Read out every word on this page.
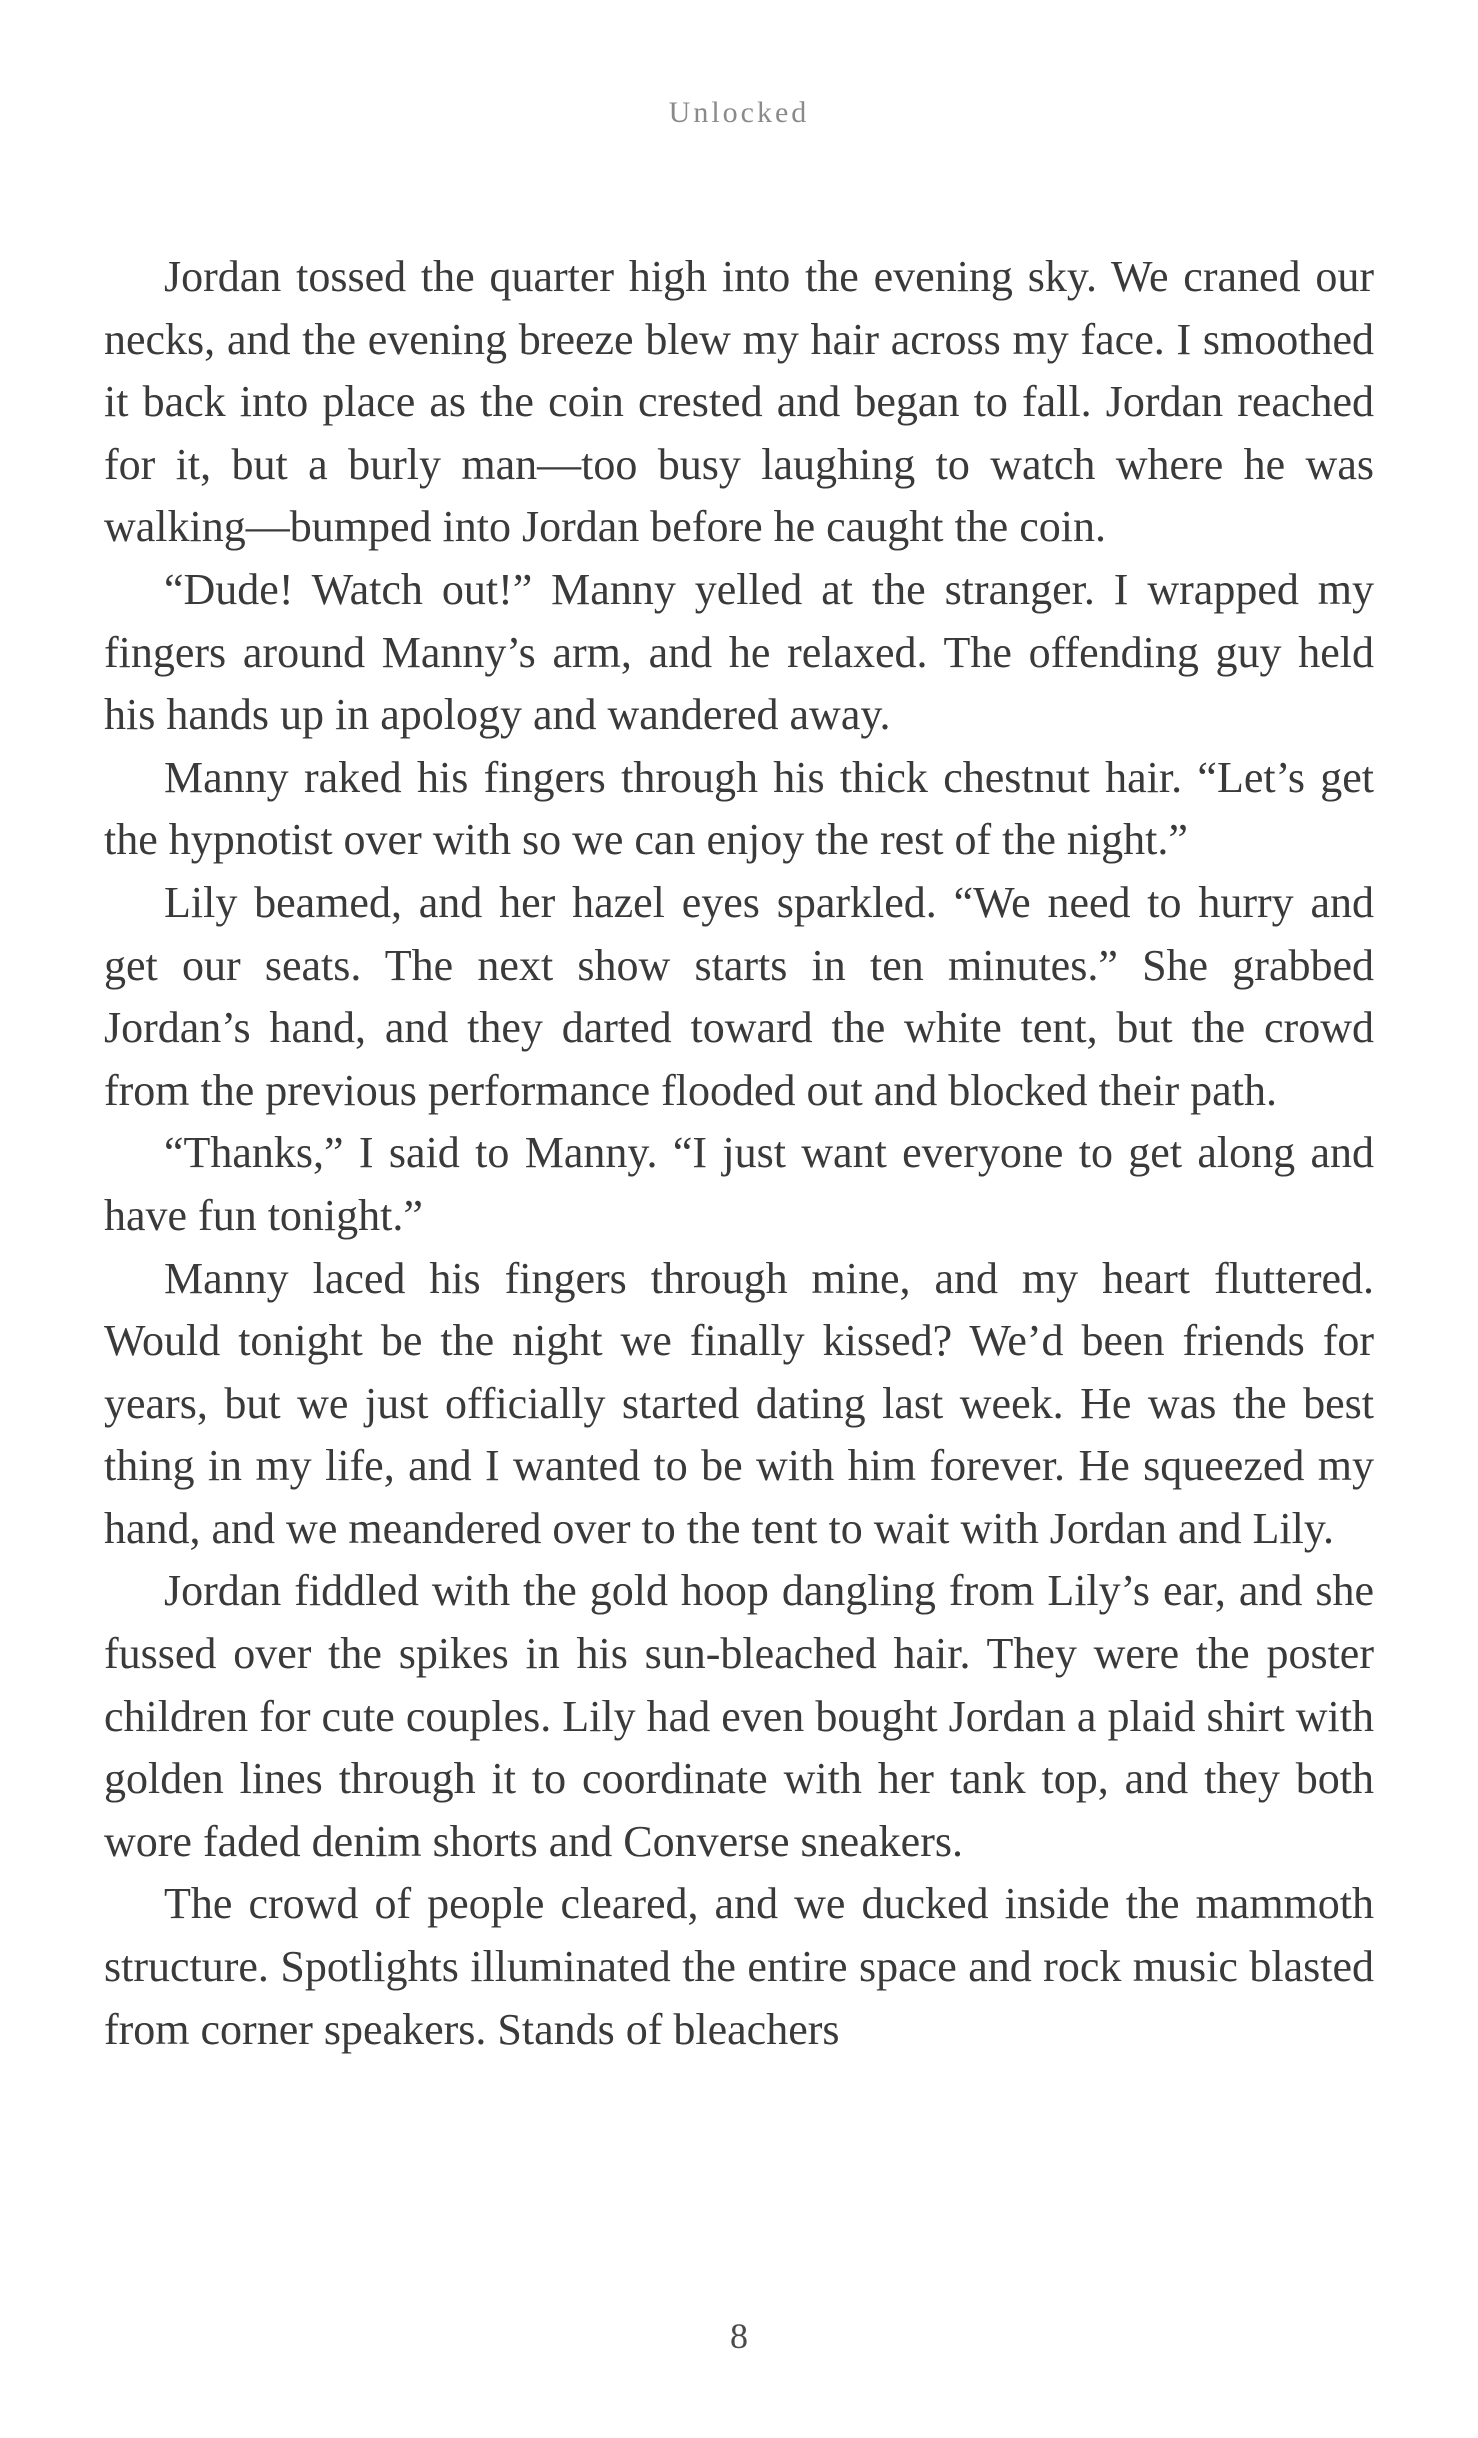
Unlocked

Jordan tossed the quarter high into the evening sky. We craned our necks, and the evening breeze blew my hair across my face. I smoothed it back into place as the coin crested and began to fall. Jordan reached for it, but a burly man—too busy laughing to watch where he was walking—bumped into Jordan before he caught the coin.

“Dude! Watch out!” Manny yelled at the stranger. I wrapped my fingers around Manny’s arm, and he relaxed. The offending guy held his hands up in apology and wandered away.

Manny raked his fingers through his thick chestnut hair. “Let’s get the hypnotist over with so we can enjoy the rest of the night.”

Lily beamed, and her hazel eyes sparkled. “We need to hurry and get our seats. The next show starts in ten minutes.” She grabbed Jordan’s hand, and they darted toward the white tent, but the crowd from the previous performance flooded out and blocked their path.

“Thanks,” I said to Manny. “I just want everyone to get along and have fun tonight.”

Manny laced his fingers through mine, and my heart fluttered. Would tonight be the night we finally kissed? We’d been friends for years, but we just officially started dating last week. He was the best thing in my life, and I wanted to be with him forever. He squeezed my hand, and we meandered over to the tent to wait with Jordan and Lily.

Jordan fiddled with the gold hoop dangling from Lily’s ear, and she fussed over the spikes in his sun-bleached hair. They were the poster children for cute couples. Lily had even bought Jordan a plaid shirt with golden lines through it to coordinate with her tank top, and they both wore faded denim shorts and Converse sneakers.

The crowd of people cleared, and we ducked inside the mammoth structure. Spotlights illuminated the entire space and rock music blasted from corner speakers. Stands of bleachers

8
